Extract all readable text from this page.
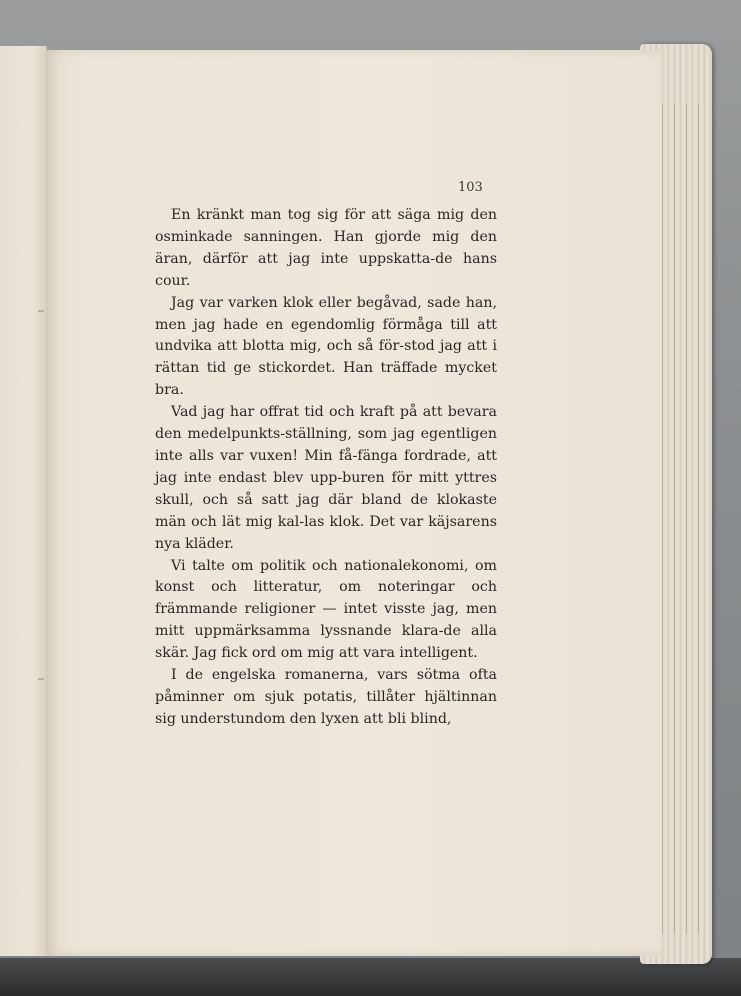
103

En kränkt man tog sig för att säga mig den osminkade sanningen. Han gjorde mig den äran, därför att jag inte uppskatta-de hans cour.

Jag var varken klok eller begåvad, sade han, men jag hade en egendomlig förmåga till att undvika att blotta mig, och så för-stod jag att i rättan tid ge stickordet. Han träffade mycket bra.

Vad jag har offrat tid och kraft på att bevara den medelpunkts-ställning, som jag egentligen inte alls var vuxen! Min få-fänga fordrade, att jag inte endast blev upp-buren för mitt yttres skull, och så satt jag där bland de klokaste män och lät mig kal-las klok. Det var käjsarens nya kläder.

Vi talte om politik och nationalekonomi, om konst och litteratur, om noteringar och främmande religioner — intet visste jag, men mitt uppmärksamma lyssnande klara-de alla skär. Jag fick ord om mig att vara intelligent.

I de engelska romanerna, vars sötma ofta påminner om sjuk potatis, tillåter hjältinnan sig understundom den lyxen att bli blind,
